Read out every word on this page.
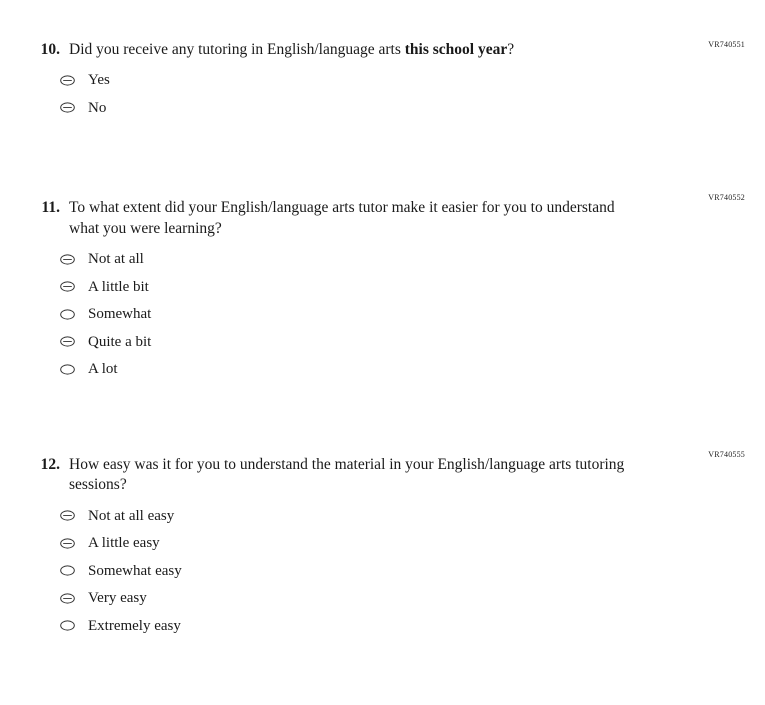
VR740551
10. Did you receive any tutoring in English/language arts this school year?
Yes
No
VR740552
11. To what extent did your English/language arts tutor make it easier for you to understand what you were learning?
Not at all
A little bit
Somewhat
Quite a bit
A lot
VR740555
12. How easy was it for you to understand the material in your English/language arts tutoring sessions?
Not at all easy
A little easy
Somewhat easy
Very easy
Extremely easy
